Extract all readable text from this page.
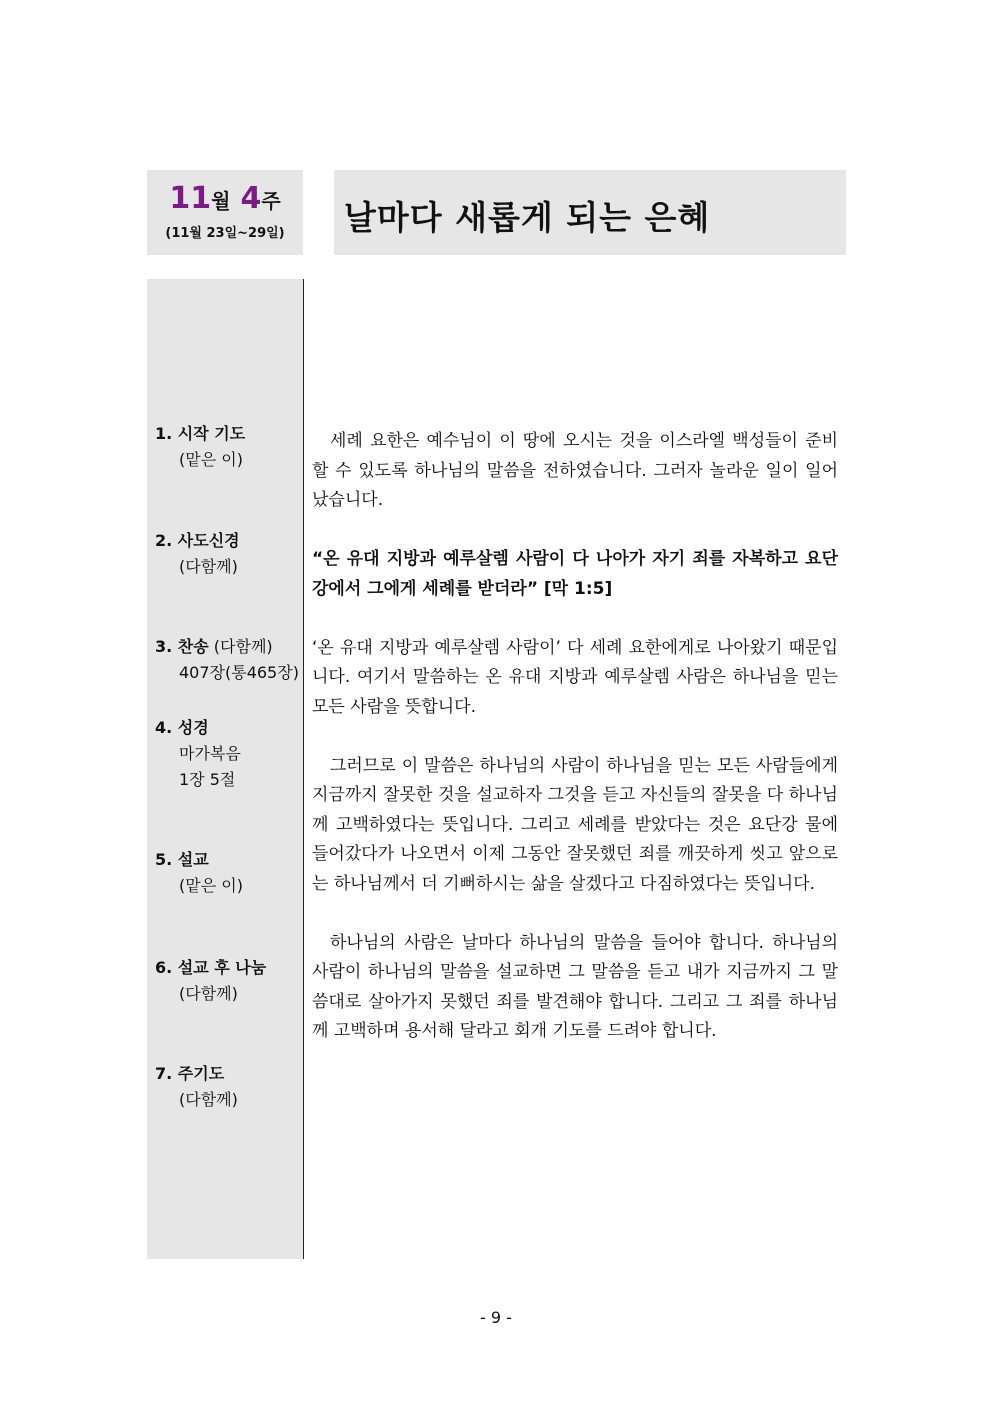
11월 4주
(11월 23일~29일)	날마다 새롭게 되는 은혜
1. 시작 기도
(맡은 이)
2. 사도신경
(다함께)
3. 찬송 (다함께)
407장(통465장)
4. 성경
마가복음
1장 5절
5. 설교
(맡은 이)
6. 설교 후 나눔
(다함께)
7. 주기도
(다함께)

세례 요한은 예수님이 이 땅에 오시는 것을 이스라엘 백성들이 준비할 수 있도록 하나님의 말씀을 전하였습니다. 그러자 놀라운 일이 일어났습니다.

“온 유대 지방과 예루살렘 사람이 다 나아가 자기 죄를 자복하고 요단 강에서 그에게 세례를 받더라” [막 1:5]

‘온 유대 지방과 예루살렘 사람이’ 다 세례 요한에게로 나아왔기 때문입니다. 여기서 말씀하는 온 유대 지방과 예루살렘 사람은 하나님을 믿는 모든 사람을 뜻합니다.

그러므로 이 말씀은 하나님의 사람이 하나님을 믿는 모든 사람들에게 지금까지 잘못한 것을 설교하자 그것을 듣고 자신들의 잘못을 다 하나님께 고백하였다는 뜻입니다. 그리고 세례를 받았다는 것은 요단강 물에 들어갔다가 나오면서 이제 그동안 잘못했던 죄를 깨끗하게 씻고 앞으로는 하나님께서 더 기뻐하시는 삶을 살겠다고 다짐하였다는 뜻입니다.

하나님의 사람은 날마다 하나님의 말씀을 들어야 합니다. 하나님의 사람이 하나님의 말씀을 설교하면 그 말씀을 듣고 내가 지금까지 그 말씀대로 살아가지 못했던 죄를 발견해야 합니다. 그리고 그 죄를 하나님께 고백하며 용서해 달라고 회개 기도를 드려야 합니다.

- 9 -
